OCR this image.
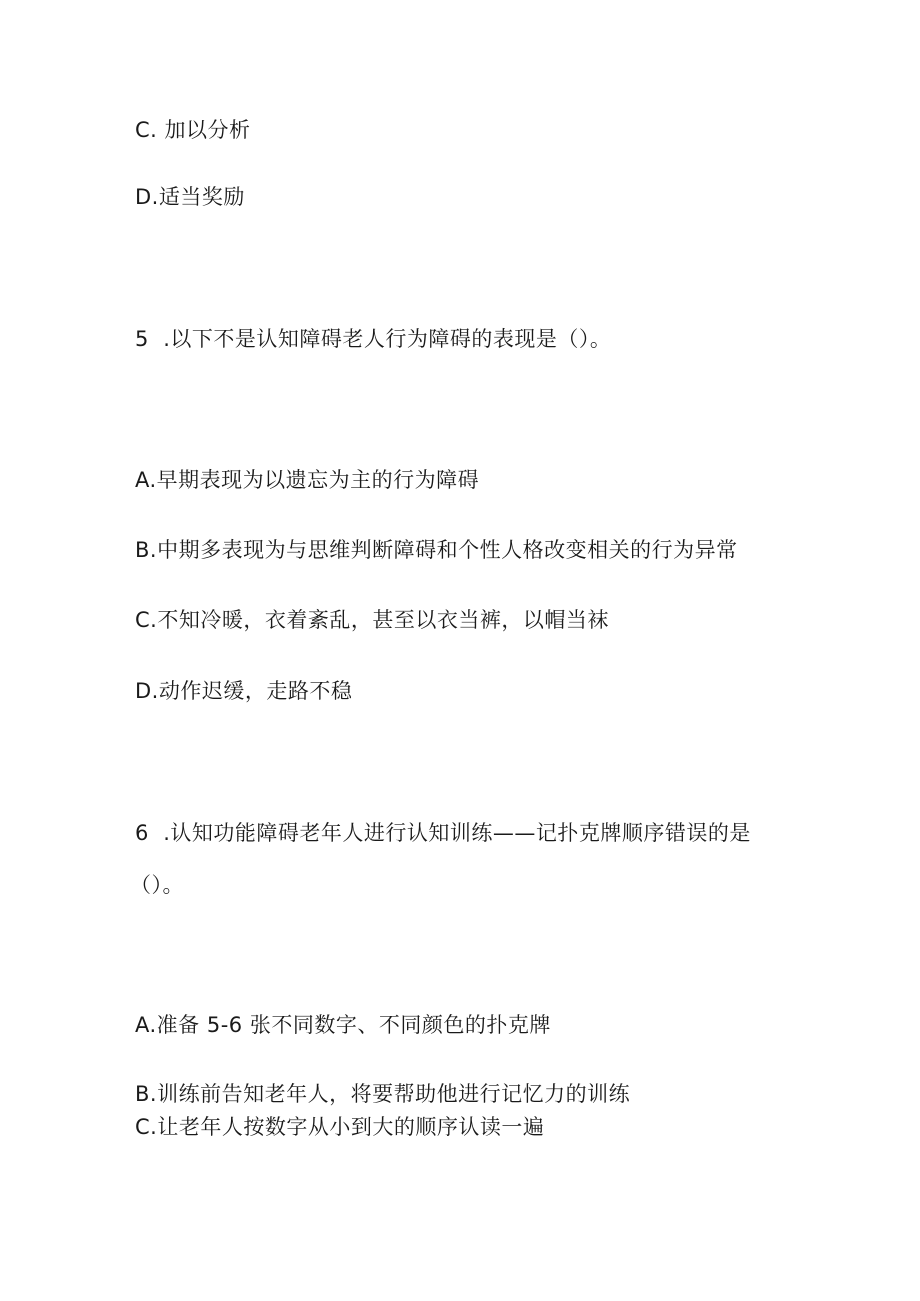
C. 加以分析
D.适当奖励
5  .以下不是认知障碍老人行为障碍的表现是（）。
A.早期表现为以遗忘为主的行为障碍
B.中期多表现为与思维判断障碍和个性人格改变相关的行为异常
C.不知冷暖，衣着紊乱，甚至以衣当裤，以帽当袜
D.动作迟缓，走路不稳
6  .认知功能障碍老年人进行认知训练——记扑克牌顺序错误的是
（）。
A.准备 5-6 张不同数字、不同颜色的扑克牌
B.训练前告知老年人，将要帮助他进行记忆力的训练
C.让老年人按数字从小到大的顺序认读一遍
